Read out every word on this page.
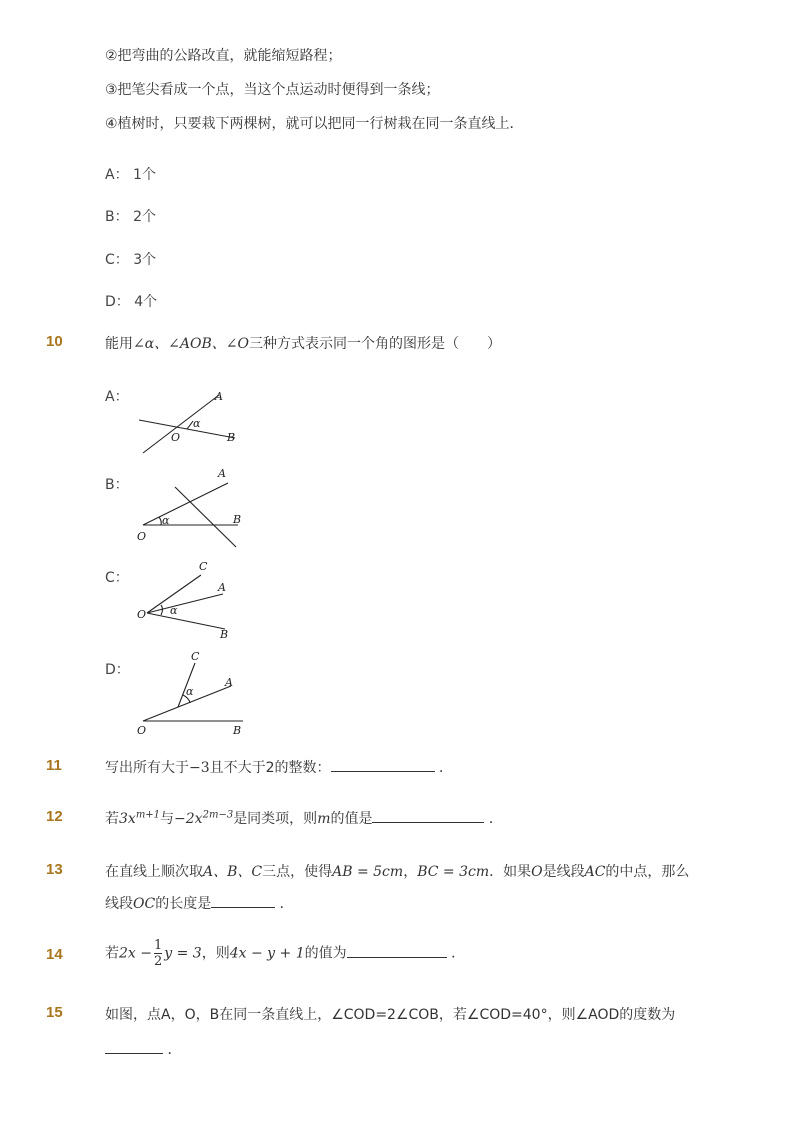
②把弯曲的公路改直，就能缩短路程；
③把笔尖看成一个点，当这个点运动时便得到一条线；
④植树时，只要栽下两棵树，就可以把同一行树栽在同一条直线上．
A： 1个
B： 2个
C： 3个
D： 4个
10	能用∠α、∠AOB、∠O三种方式表示同一个角的图形是（　　）
A：	A
B
O
α
B：
A
B
O
α
C：
C
A
B
O α
D：
C
A
B
O
α
11	写出所有大于−3且不大于2的整数：	．
12	若$3x^{m+1}$与$-2x^{2m-3}$是同类项，则m的值是	．
13	在直线上顺次取A、B、C三点，使得AB = 5cm，BC = 3cm．如果O是线段AC的中点，那么
线段OC的长度是	．
14	若$2x - \frac{1}{2}$ y = 3，则4x − y + 1的值为	．
15	如图，点A，O，B在同一条直线上，∠COD=2∠COB，若∠COD=40°，则∠AOD的度数为
．
